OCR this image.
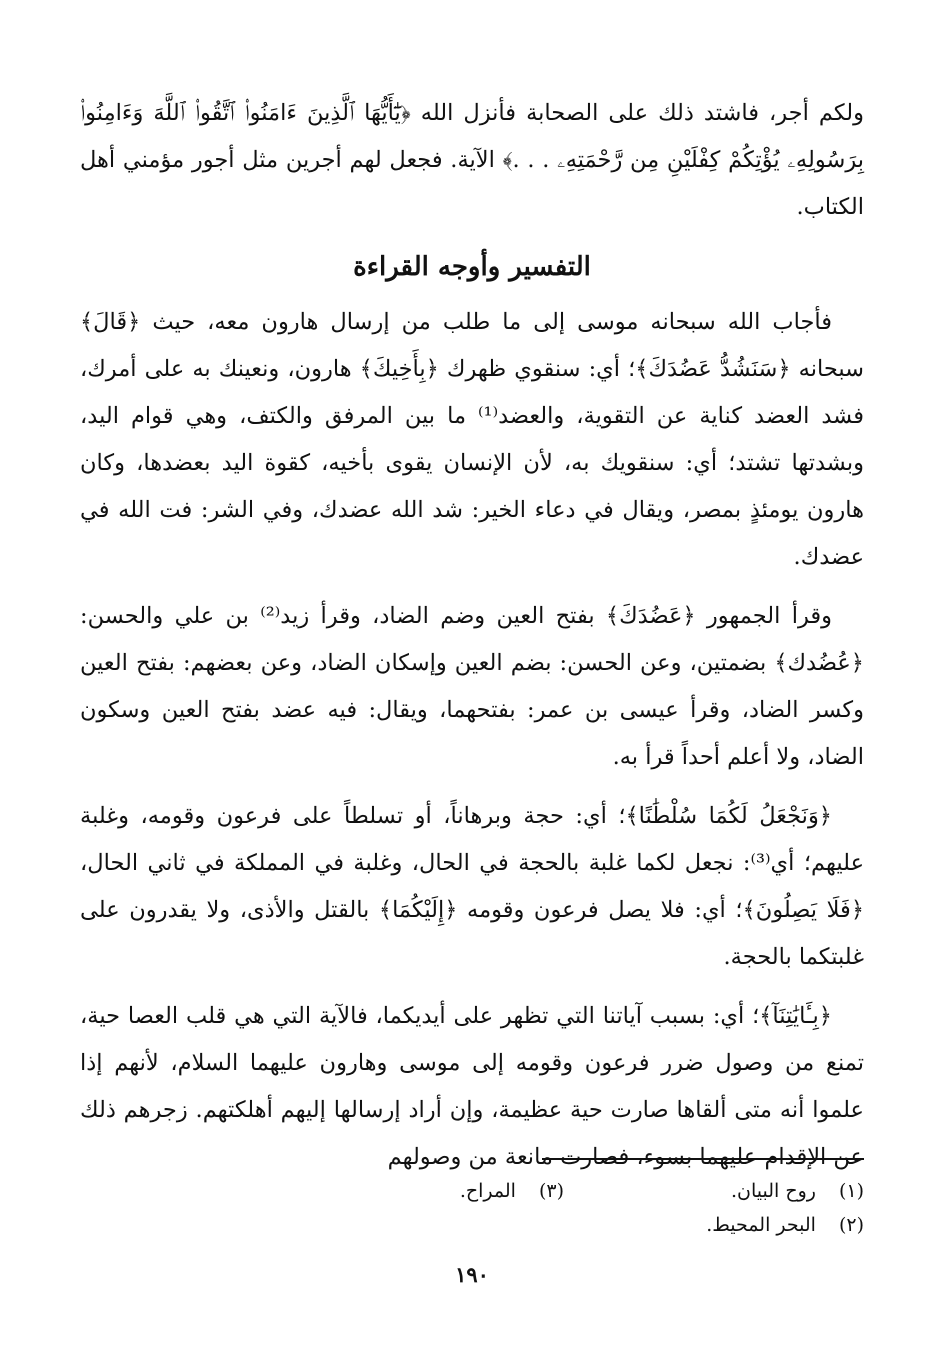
ولكم أجر، فاشتد ذلك على الصحابة فأنزل الله ﴿يَٰٓأَيُّهَا ٱلَّذِينَ ءَامَنُوا۟ ٱتَّقُوا۟ ٱللَّهَ وَءَامِنُوا۟ بِرَسُولِهِۦ يُؤْتِكُمْ كِفْلَيْنِ مِن رَّحْمَتِهِۦ . . .﴾ الآية. فجعل لهم أجرين مثل أجور مؤمني أهل الكتاب.

التفسير وأوجه القراءة

فأجاب الله سبحانه موسى إلى ما طلب من إرسال هارون معه، حيث ﴿قَالَ﴾ سبحانه ﴿سَنَشُدُّ عَضُدَكَ﴾؛ أي: سنقوي ظهرك ﴿بِأَخِيكَ﴾ هارون، ونعينك به على أمرك، فشد العضد كناية عن التقوية، والعضد⁽¹⁾ ما بين المرفق والكتف، وهي قوام اليد، وبشدتها تشتد؛ أي: سنقويك به، لأن الإنسان يقوى بأخيه، كقوة اليد بعضدها، وكان هارون يومئذٍ بمصر، ويقال في دعاء الخير: شد الله عضدك، وفي الشر: فت الله في عضدك.

وقرأ الجمهور ﴿عَضُدَكَ﴾ بفتح العين وضم الضاد، وقرأ زيد⁽²⁾ بن علي والحسن: ﴿عُضُدك﴾ بضمتين، وعن الحسن: بضم العين وإسكان الضاد، وعن بعضهم: بفتح العين وكسر الضاد، وقرأ عيسى بن عمر: بفتحهما، ويقال: فيه عضد بفتح العين وسكون الضاد، ولا أعلم أحداً قرأ به.

﴿وَنَجْعَلُ لَكُمَا سُلْطَٰنًا﴾؛ أي: حجة وبرهاناً، أو تسلطاً على فرعون وقومه، وغلبة عليهم؛ أي⁽³⁾: نجعل لكما غلبة بالحجة في الحال، وغلبة في المملكة في ثاني الحال، ﴿فَلَا يَصِلُونَ﴾؛ أي: فلا يصل فرعون وقومه ﴿إِلَيْكُمَا﴾ بالقتل والأذى، ولا يقدرون على غلبتكما بالحجة.

﴿بِـَٔايَٰتِنَآ﴾؛ أي: بسبب آياتنا التي تظهر على أيديكما، فالآية التي هي قلب العصا حية، تمنع من وصول ضرر فرعون وقومه إلى موسى وهارون عليهما السلام، لأنهم إذا علموا أنه متى ألقاها صارت حية عظيمة، وإن أراد إرسالها إليهم أهلكتهم. زجرهم ذلك عن الإقدام عليهما بسوء، فصارت مانعة من وصولهم

(١) روح البيان.
(٣) المراح.
(٢) البحر المحيط.
١٩٠
